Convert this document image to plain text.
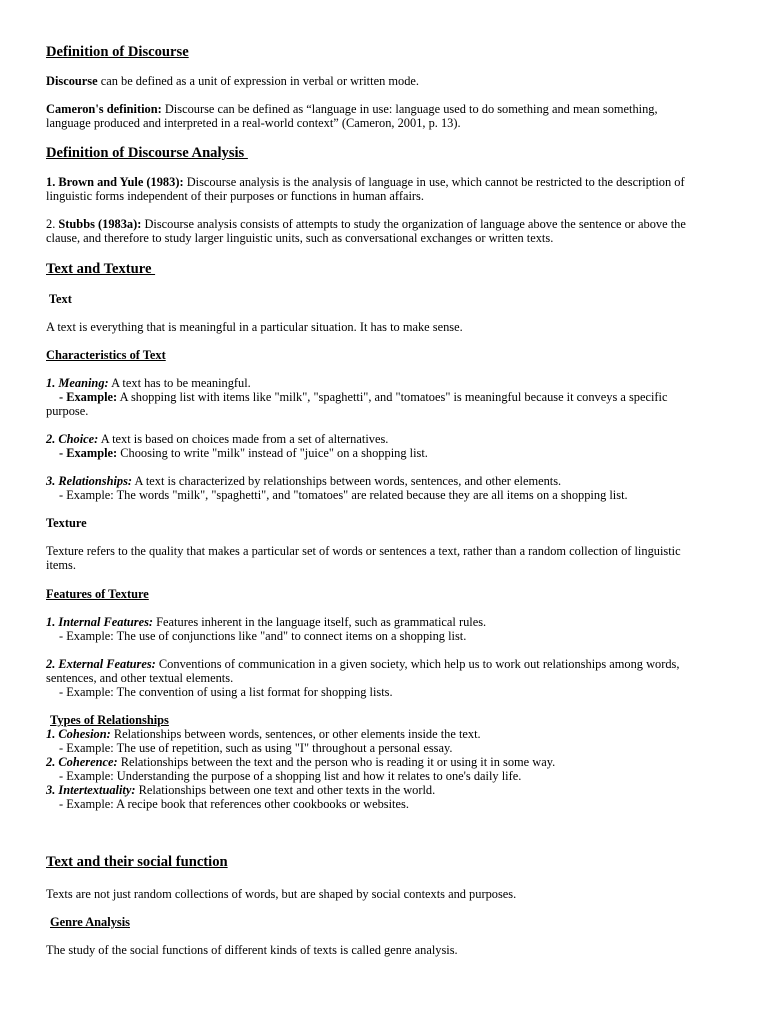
Definition of Discourse
Discourse can be defined as a unit of expression in verbal or written mode.
Cameron's definition: Discourse can be defined as “language in use: language used to do something and mean something,
language produced and interpreted in a real-world context” (Cameron, 2001, p. 13).
Definition of Discourse Analysis
1. Brown and Yule (1983): Discourse analysis is the analysis of language in use, which cannot be restricted to the description of
linguistic forms independent of their purposes or functions in human affairs.
2. Stubbs (1983a): Discourse analysis consists of attempts to study the organization of language above the sentence or above the
clause, and therefore to study larger linguistic units, such as conversational exchanges or written texts.
Text and Texture
Text
A text is everything that is meaningful in a particular situation. It has to make sense.
Characteristics of Text
1. Meaning: A text has to be meaningful.
- Example: A shopping list with items like "milk", "spaghetti", and "tomatoes" is meaningful because it conveys a specific
purpose.
2. Choice: A text is based on choices made from a set of alternatives.
- Example: Choosing to write "milk" instead of "juice" on a shopping list.
3. Relationships: A text is characterized by relationships between words, sentences, and other elements.
- Example: The words "milk", "spaghetti", and "tomatoes" are related because they are all items on a shopping list.
Texture
Texture refers to the quality that makes a particular set of words or sentences a text, rather than a random collection of linguistic
items.
Features of Texture
1. Internal Features: Features inherent in the language itself, such as grammatical rules.
- Example: The use of conjunctions like "and" to connect items on a shopping list.
2. External Features: Conventions of communication in a given society, which help us to work out relationships among words,
sentences, and other textual elements.
- Example: The convention of using a list format for shopping lists.
Types of Relationships
1. Cohesion: Relationships between words, sentences, or other elements inside the text.
- Example: The use of repetition, such as using "I" throughout a personal essay.
2. Coherence: Relationships between the text and the person who is reading it or using it in some way.
- Example: Understanding the purpose of a shopping list and how it relates to one's daily life.
3. Intertextuality: Relationships between one text and other texts in the world.
- Example: A recipe book that references other cookbooks or websites.
Text and their social function
Texts are not just random collections of words, but are shaped by social contexts and purposes.
Genre Analysis
The study of the social functions of different kinds of texts is called genre analysis.
